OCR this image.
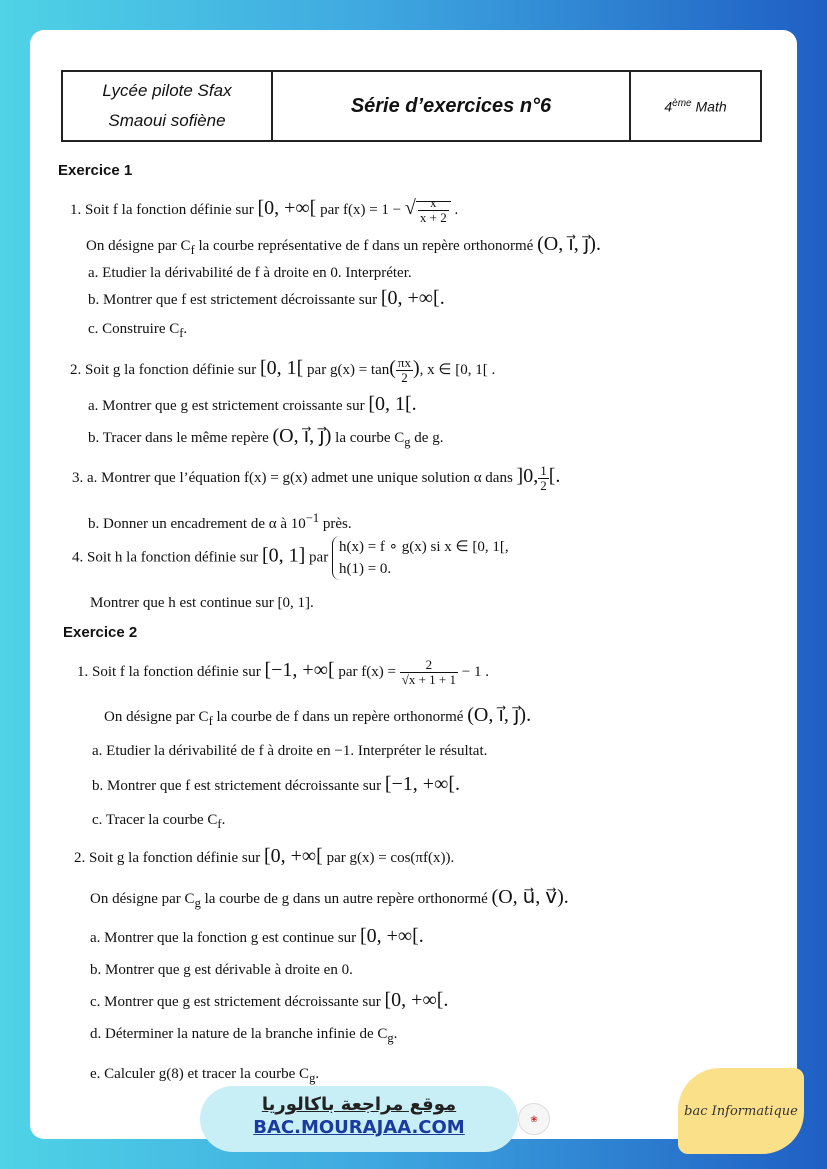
Lycée pilote Sfax
Smaoui sofiène
Série d’exercices n°6	4ème Math
Exercice 1
1. Soit f la fonction définie sur [0, +∞[ par f(x) = 1 − √ $\frac{x}{x + 2}$ .
On désigne par $C_f$ la courbe représentative de f dans un repère orthonormé (O, i⃗, j⃗).
a. Etudier la dérivabilité de f à droite en 0. Interpréter.
b. Montrer que f est strictement décroissante sur [0, +∞[.
c. Construire $C_f$.
2. Soit g la fonction définie sur [0, 1[ par $g(x) = \tan( \frac{\pi x}{2}$ ), x ∈ [0, 1[ .
a. Montrer que g est strictement croissante sur [0, 1[.
b. Tracer dans le même repère (O, i⃗, j⃗) la courbe $C_g$ de g.
3. a. Montrer que l’équation f(x) = g(x) admet une unique solution α dans ]0, $\frac{1}{2}$ [.
b. Donner un encadrement de α à $10^{-1}$ près.
4. Soit h la fonction définie sur [0, 1] par
h(x) = f ∘ g(x) si x ∈ [0, 1[,
h(1) = 0.
Montrer que h est continue sur [0, 1].
Exercice 2
1. Soit f la fonction définie sur [−1, +∞[ par $f(x) = \frac{2}{√x + 1 + 1} - 1$ .
On désigne par $C_f$ la courbe de f dans un repère orthonormé (O, i⃗, j⃗).
a. Etudier la dérivabilité de f à droite en −1. Interpréter le résultat.
b. Montrer que f est strictement décroissante sur [−1, +∞[.
c. Tracer la courbe $C_f$.
2. Soit g la fonction définie sur [0, +∞[ par g(x) = cos(πf(x)).
On désigne par $C_g$ la courbe de g dans un autre repère orthonormé (O, u⃗, v⃗).
a. Montrer que la fonction g est continue sur [0, +∞[.
b. Montrer que g est dérivable à droite en 0.
c. Montrer que g est strictement décroissante sur [0, +∞[.
d. Déterminer la nature de la branche infinie de $C_g$.
e. Calculer g(8) et tracer la courbe $C_g$.
موقع مراجعة باكالوريا
BAC.MOURAJAA.COM	❀	bac Informatique
